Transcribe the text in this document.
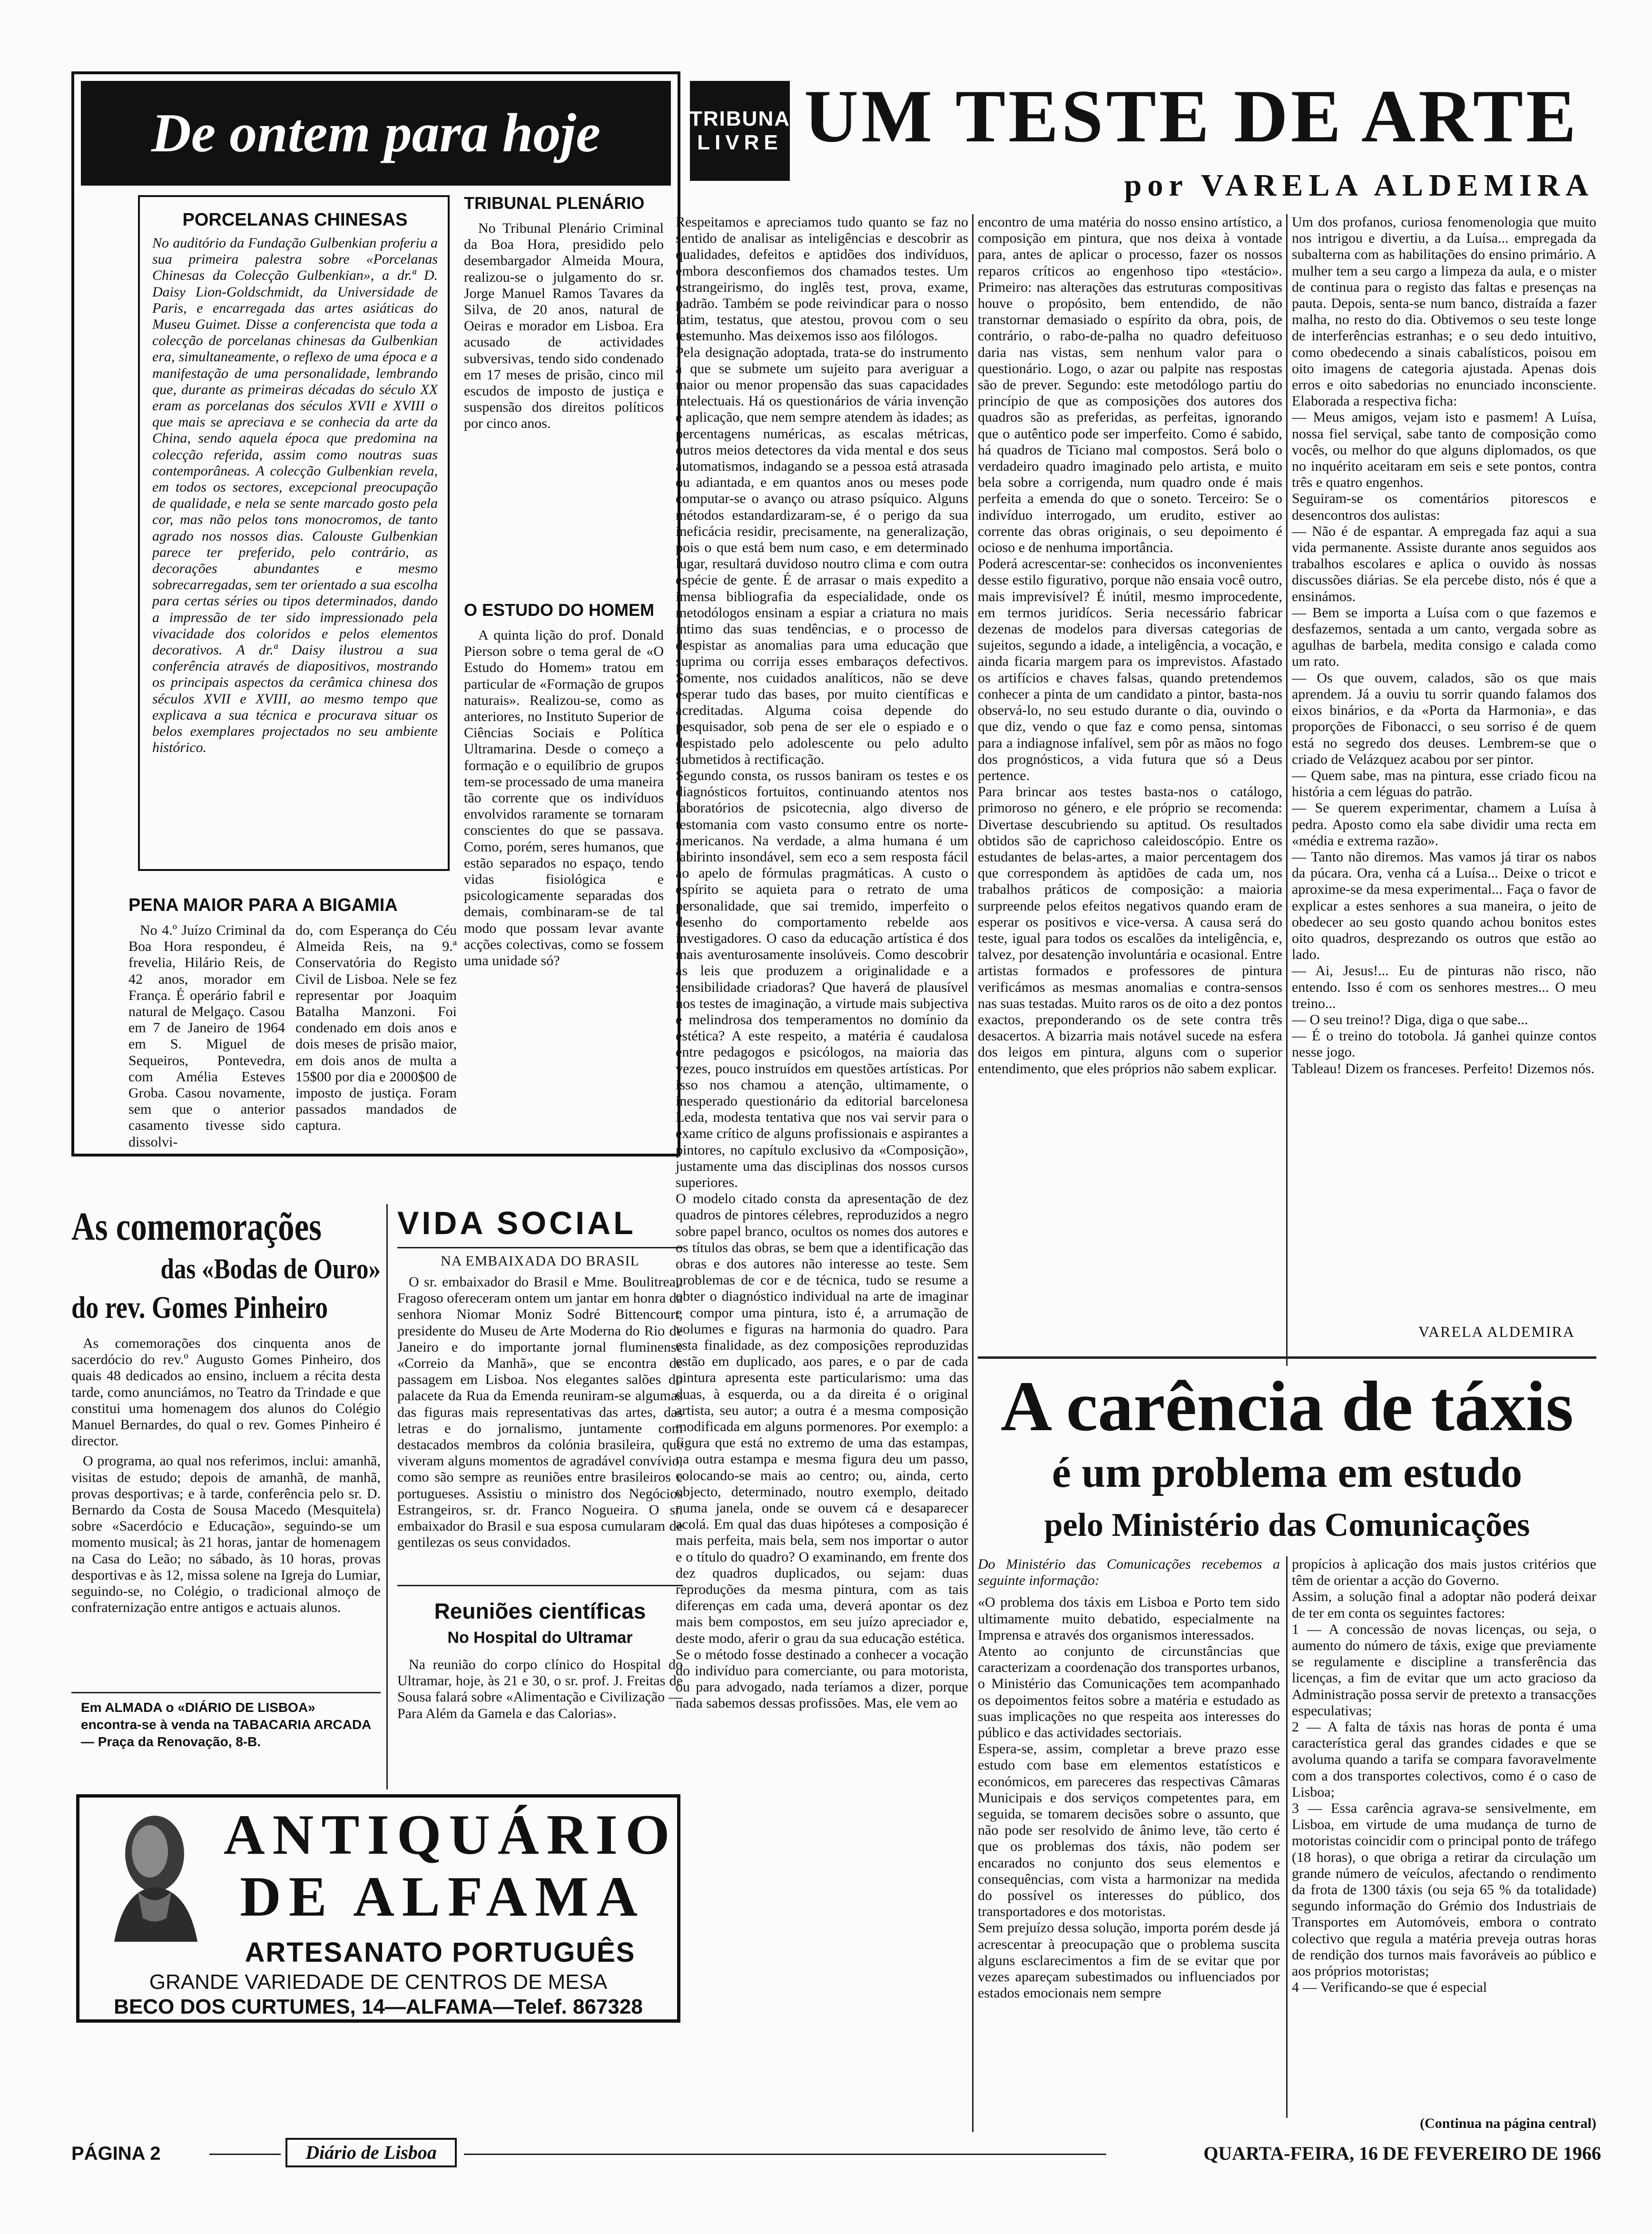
De ontem para hoje
PORCELANAS CHINESAS
No auditório da Fundação Gulbenkian proferiu a sua primeira palestra sobre «Porcelanas Chinesas da Colecção Gulbenkian», a dr.ª D. Daisy Lion-Goldschmidt, da Universidade de Paris, e encarregada das artes asiáticas do Museu Guimet. Disse a conferencista que toda a colecção de porcelanas chinesas da Gulbenkian era, simultaneamente, o reflexo de uma época e a manifestação de uma personalidade, lembrando que, durante as primeiras décadas do século XX eram as porcelanas dos séculos XVII e XVIII o que mais se apreciava e se conhecia da arte da China, sendo aquela época que predomina na colecção referida, assim como noutras suas contemporâneas. A colecção Gulbenkian revela, em todos os sectores, excepcional preocupação de qualidade, e nela se sente marcado gosto pela cor, mas não pelos tons monocromos, de tanto agrado nos nossos dias. Calouste Gulbenkian parece ter preferido, pelo contrário, as decorações abundantes e mesmo sobrecarregadas, sem ter orientado a sua escolha para certas séries ou tipos determinados, dando a impressão de ter sido impressionado pela vivacidade dos coloridos e pelos elementos decorativos. A dr.ª Daisy ilustrou a sua conferência através de diapositivos, mostrando os principais aspectos da cerâmica chinesa dos séculos XVII e XVIII, ao mesmo tempo que explicava a sua técnica e procurava situar os belos exemplares projectados no seu ambiente histórico.
TRIBUNAL PLENÁRIO
No Tribunal Plenário Criminal da Boa Hora, presidido pelo desembargador Almeida Moura, realizou-se o julgamento do sr. Jorge Manuel Ramos Tavares da Silva, de 20 anos, natural de Oeiras e morador em Lisboa. Era acusado de actividades subversivas, tendo sido condenado em 17 meses de prisão, cinco mil escudos de imposto de justiça e suspensão dos direitos políticos por cinco anos.
O ESTUDO DO HOMEM
A quinta lição do prof. Donald Pierson sobre o tema geral de «O Estudo do Homem» tratou em particular de «Formação de grupos naturais». Realizou-se, como as anteriores, no Instituto Superior de Ciências Sociais e Política Ultramarina. Desde o começo a formação e o equilíbrio de grupos tem-se processado de uma maneira tão corrente que os indivíduos envolvidos raramente se tornaram conscientes do que se passava. Como, porém, seres humanos, que estão separados no espaço, tendo vidas fisiológica e psicologicamente separadas dos demais, combinaram-se de tal modo que possam levar avante acções colectivas, como se fossem uma unidade só?
PENA MAIOR PARA A BIGAMIA
No 4.º Juízo Criminal da Boa Hora respondeu, é frevelia, Hilário Reis, de 42 anos, morador em França. É operário fabril e natural de Melgaço. Casou em 7 de Janeiro de 1964 em S. Miguel de Sequeiros, Pontevedra, com Amélia Esteves Groba. Casou novamente, sem que o anterior casamento tivesse sido dissolvi-
do, com Esperança do Céu Almeida Reis, na 9.ª Conservatória do Registo Civil de Lisboa. Nele se fez representar por Joaquim Batalha Manzoni. Foi condenado em dois anos e dois meses de prisão maior, em dois anos de multa a 15$00 por dia e 2000$00 de imposto de justiça. Foram passados mandados de captura.
As comemorações
das «Bodas de Ouro»
do rev. Gomes Pinheiro
As comemorações dos cinquenta anos de sacerdócio do rev.º Augusto Gomes Pinheiro, dos quais 48 dedicados ao ensino, incluem a récita desta tarde, como anunciámos, no Teatro da Trindade e que constitui uma homenagem dos alunos do Colégio Manuel Bernardes, do qual o rev. Gomes Pinheiro é director.
O programa, ao qual nos referimos, inclui: amanhã, visitas de estudo; depois de amanhã, de manhã, provas desportivas; e à tarde, conferência pelo sr. D. Bernardo da Costa de Sousa Macedo (Mesquitela) sobre «Sacerdócio e Educação», seguindo-se um momento musical; às 21 horas, jantar de homenagem na Casa do Leão; no sábado, às 10 horas, provas desportivas e às 12, missa solene na Igreja do Lumiar, seguindo-se, no Colégio, o tradicional almoço de confraternização entre antigos e actuais alunos.
Em ALMADA o «DIÁRIO DE LISBOA» encontra-se à venda na TABACARIA ARCADA — Praça da Renovação, 8-B.
VIDA SOCIAL
NA EMBAIXADA DO BRASIL
O sr. embaixador do Brasil e Mme. Boulitreau Fragoso ofereceram ontem um jantar em honra da senhora Niomar Moniz Sodré Bittencourt, presidente do Museu de Arte Moderna do Rio de Janeiro e do importante jornal fluminense «Correio da Manhã», que se encontra de passagem em Lisboa. Nos elegantes salões do palacete da Rua da Emenda reuniram-se algumas das figuras mais representativas das artes, das letras e do jornalismo, juntamente com destacados membros da colónia brasileira, que viveram alguns momentos de agradável convívio, como são sempre as reuniões entre brasileiros e portugueses. Assistiu o ministro dos Negócios Estrangeiros, sr. dr. Franco Nogueira. O sr. embaixador do Brasil e sua esposa cumularam de gentilezas os seus convidados.
Reuniões científicas
No Hospital do Ultramar
Na reunião do corpo clínico do Hospital do Ultramar, hoje, às 21 e 30, o sr. prof. J. Freitas de Sousa falará sobre «Alimentação e Civilização — Para Além da Gamela e das Calorias».
ANTIQUÁRIO
DE ALFAMA
ARTESANATO PORTUGUÊS
GRANDE VARIEDADE DE CENTROS DE MESA
BECO DOS CURTUMES, 14—ALFAMA—Telef. 867328
TRIBUNA
LIVRE UM TESTE DE ARTE
por VARELA ALDEMIRA
Respeitamos e apreciamos tudo quanto se faz no sentido de analisar as inteligências e descobrir as qualidades, defeitos e aptidões dos indivíduos, embora desconfiemos dos chamados testes. Um estrangeirismo, do inglês test, prova, exame, padrão. Também se pode reivindicar para o nosso latim, testatus, que atestou, provou com o seu testemunho. Mas deixemos isso aos filólogos.
Pela designação adoptada, trata-se do instrumento a que se submete um sujeito para averiguar a maior ou menor propensão das suas capacidades intelectuais. Há os questionários de vária invenção e aplicação, que nem sempre atendem às idades; as percentagens numéricas, as escalas métricas, outros meios detectores da vida mental e dos seus automatismos, indagando se a pessoa está atrasada ou adiantada, e em quantos anos ou meses pode computar-se o avanço ou atraso psíquico. Alguns métodos estandardizaram-se, é o perigo da sua ineficácia residir, precisamente, na generalização, pois o que está bem num caso, e em determinado lugar, resultará duvidoso noutro clima e com outra espécie de gente. É de arrasar o mais expedito a imensa bibliografia da especialidade, onde os metodólogos ensinam a espiar a criatura no mais íntimo das suas tendências, e o processo de despistar as anomalias para uma educação que suprima ou corrija esses embaraços defectivos. Somente, nos cuidados analíticos, não se deve esperar tudo das bases, por muito científicas e acreditadas. Alguma coisa depende do pesquisador, sob pena de ser ele o espiado e o despistado pelo adolescente ou pelo adulto submetidos à rectificação.
Segundo consta, os russos baniram os testes e os diagnósticos fortuitos, continuando atentos nos laboratórios de psicotecnia, algo diverso de testomania com vasto consumo entre os norte-americanos. Na verdade, a alma humana é um labirinto insondável, sem eco a sem resposta fácil ao apelo de fórmulas pragmáticas. A custo o espírito se aquieta para o retrato de uma personalidade, que sai tremido, imperfeito o desenho do comportamento rebelde aos investigadores. O caso da educação artística é dos mais aventurosamente insolúveis. Como descobrir as leis que produzem a originalidade e a sensibilidade criadoras? Que haverá de plausível nos testes de imaginação, a virtude mais subjectiva e melindrosa dos temperamentos no domínio da estética? A este respeito, a matéria é caudalosa entre pedagogos e psicólogos, na maioria das vezes, pouco instruídos em questões artísticas. Por isso nos chamou a atenção, ultimamente, o inesperado questionário da editorial barcelonesa Leda, modesta tentativa que nos vai servir para o exame crítico de alguns profissionais e aspirantes a pintores, no capítulo exclusivo da «Composição», justamente uma das disciplinas dos nossos cursos superiores.
O modelo citado consta da apresentação de dez quadros de pintores célebres, reproduzidos a negro sobre papel branco, ocultos os nomes dos autores e os títulos das obras, se bem que a identificação das obras e dos autores não interesse ao teste. Sem problemas de cor e de técnica, tudo se resume a obter o diagnóstico individual na arte de imaginar e compor uma pintura, isto é, a arrumação de volumes e figuras na harmonia do quadro. Para esta finalidade, as dez composições reproduzidas estão em duplicado, aos pares, e o par de cada pintura apresenta este particularismo: uma das duas, à esquerda, ou a da direita é o original artista, seu autor; a outra é a mesma composição modificada em alguns pormenores. Por exemplo: a figura que está no extremo de uma das estampas, na outra estampa e mesma figura deu um passo, colocando-se mais ao centro; ou, ainda, certo objecto, determinado, noutro exemplo, deitado numa janela, onde se ouvem cá e desaparecer acolá. Em qual das duas hipóteses a composição é mais perfeita, mais bela, sem nos importar o autor e o título do quadro? O examinando, em frente dos dez quadros duplicados, ou sejam: duas reproduções da mesma pintura, com as tais diferenças em cada uma, deverá apontar os dez mais bem compostos, em seu juízo apreciador e, deste modo, aferir o grau da sua educação estética.
Se o método fosse destinado a conhecer a vocação do indivíduo para comerciante, ou para motorista, ou para advogado, nada teríamos a dizer, porque nada sabemos dessas profissões. Mas, ele vem ao
encontro de uma matéria do nosso ensino artístico, a composição em pintura, que nos deixa à vontade para, antes de aplicar o processo, fazer os nossos reparos críticos ao engenhoso tipo «testácio». Primeiro: nas alterações das estruturas compositivas houve o propósito, bem entendido, de não transtornar demasiado o espírito da obra, pois, de contrário, o rabo-de-palha no quadro defeituoso daria nas vistas, sem nenhum valor para o questionário. Logo, o azar ou palpite nas respostas são de prever. Segundo: este metodólogo partiu do princípio de que as composições dos autores dos quadros são as preferidas, as perfeitas, ignorando que o autêntico pode ser imperfeito. Como é sabido, há quadros de Ticiano mal compostos. Será bolo o verdadeiro quadro imaginado pelo artista, e muito bela sobre a corrigenda, num quadro onde é mais perfeita a emenda do que o soneto. Terceiro: Se o indivíduo interrogado, um erudito, estiver ao corrente das obras originais, o seu depoimento é ocioso e de nenhuma importância.
Poderá acrescentar-se: conhecidos os inconvenientes desse estilo figurativo, porque não ensaia você outro, mais imprevisível? É inútil, mesmo improcedente, em termos juridícos. Seria necessário fabricar dezenas de modelos para diversas categorias de sujeitos, segundo a idade, a inteligência, a vocação, e ainda ficaria margem para os imprevistos. Afastado os artifícios e chaves falsas, quando pretendemos conhecer a pinta de um candidato a pintor, basta-nos observá-lo, no seu estudo durante o dia, ouvindo o que diz, vendo o que faz e como pensa, sintomas para a indiagnose infalível, sem pôr as mãos no fogo dos prognósticos, a vida futura que só a Deus pertence.
Para brincar aos testes basta-nos o catálogo, primoroso no género, e ele próprio se recomenda: Divertase descubriendo su aptitud. Os resultados obtidos são de caprichoso caleidoscópio. Entre os estudantes de belas-artes, a maior percentagem dos que correspondem às aptidões de cada um, nos trabalhos práticos de composição: a maioria surpreende pelos efeitos negativos quando eram de esperar os positivos e vice-versa. A causa será do teste, igual para todos os escalões da inteligência, e, talvez, por desatenção involuntária e ocasional. Entre artistas formados e professores de pintura verificámos as mesmas anomalias e contra-sensos nas suas testadas. Muito raros os de oito a dez pontos exactos, preponderando os de sete contra três desacertos. A bizarria mais notável sucede na esfera dos leigos em pintura, alguns com o superior entendimento, que eles próprios não sabem explicar.
Um dos profanos, curiosa fenomenologia que muito nos intrigou e divertiu, a da Luísa... empregada da subalterna com as habilitações do ensino primário. A mulher tem a seu cargo a limpeza da aula, e o mister de continua para o registo das faltas e presenças na pauta. Depois, senta-se num banco, distraída a fazer malha, no resto do dia. Obtivemos o seu teste longe de interferências estranhas; e o seu dedo intuitivo, como obedecendo a sinais cabalísticos, poisou em oito imagens de categoria ajustada. Apenas dois erros e oito sabedorias no enunciado inconsciente. Elaborada a respectiva ficha:
— Meus amigos, vejam isto e pasmem! A Luísa, nossa fiel serviçal, sabe tanto de composição como vocês, ou melhor do que alguns diplomados, os que no inquérito aceitaram em seis e sete pontos, contra três e quatro engenhos.
Seguiram-se os comentários pitorescos e desencontros dos aulistas:
— Não é de espantar. A empregada faz aqui a sua vida permanente. Assiste durante anos seguidos aos trabalhos escolares e aplica o ouvido às nossas discussões diárias. Se ela percebe disto, nós é que a ensinámos.
— Bem se importa a Luísa com o que fazemos e desfazemos, sentada a um canto, vergada sobre as agulhas de barbela, medita consigo e calada como um rato.
— Os que ouvem, calados, são os que mais aprendem. Já a ouviu tu sorrir quando falamos dos eixos binários, e da «Porta da Harmonia», e das proporções de Fibonacci, o seu sorriso é de quem está no segredo dos deuses. Lembrem-se que o criado de Velázquez acabou por ser pintor.
— Quem sabe, mas na pintura, esse criado ficou na história a cem léguas do patrão.
— Se querem experimentar, chamem a Luísa à pedra. Aposto como ela sabe dividir uma recta em «média e extrema razão».
— Tanto não diremos. Mas vamos já tirar os nabos da púcara. Ora, venha cá a Luísa... Deixe o tricot e aproxime-se da mesa experimental... Faça o favor de explicar a estes senhores a sua maneira, o jeito de obedecer ao seu gosto quando achou bonitos estes oito quadros, desprezando os outros que estão ao lado.
— Ai, Jesus!... Eu de pinturas não risco, não entendo. Isso é com os senhores mestres... O meu treino...
— O seu treino!? Diga, diga o que sabe...
— É o treino do totobola. Já ganhei quinze contos nesse jogo.
Tableau! Dizem os franceses. Perfeito! Dizemos nós.
VARELA ALDEMIRA
A carência de táxis
é um problema em estudo
pelo Ministério das Comunicações
Do Ministério das Comunicações recebemos a seguinte informação:
«O problema dos táxis em Lisboa e Porto tem sido ultimamente muito debatido, especialmente na Imprensa e através dos organismos interessados.
Atento ao conjunto de circunstâncias que caracterizam a coordenação dos transportes urbanos, o Ministério das Comunicações tem acompanhado os depoimentos feitos sobre a matéria e estudado as suas implicações no que respeita aos interesses do público e das actividades sectoriais.
Espera-se, assim, completar a breve prazo esse estudo com base em elementos estatísticos e económicos, em pareceres das respectivas Câmaras Municipais e dos serviços competentes para, em seguida, se tomarem decisões sobre o assunto, que não pode ser resolvido de ânimo leve, tão certo é que os problemas dos táxis, não podem ser encarados no conjunto dos seus elementos e consequências, com vista a harmonizar na medida do possível os interesses do público, dos transportadores e dos motoristas.
Sem prejuízo dessa solução, importa porém desde já acrescentar à preocupação que o problema suscita alguns esclarecimentos a fim de se evitar que por vezes apareçam subestimados ou influenciados por estados emocionais nem sempre
propícios à aplicação dos mais justos critérios que têm de orientar a acção do Governo.
Assim, a solução final a adoptar não poderá deixar de ter em conta os seguintes factores:
1 — A concessão de novas licenças, ou seja, o aumento do número de táxis, exige que previamente se regulamente e discipline a transferência das licenças, a fim de evitar que um acto gracioso da Administração possa servir de pretexto a transacções especulativas;
2 — A falta de táxis nas horas de ponta é uma característica geral das grandes cidades e que se avoluma quando a tarifa se compara favoravelmente com a dos transportes colectivos, como é o caso de Lisboa;
3 — Essa carência agrava-se sensivelmente, em Lisboa, em virtude de uma mudança de turno de motoristas coincidir com o principal ponto de tráfego (18 horas), o que obriga a retirar da circulação um grande número de veículos, afectando o rendimento da frota de 1300 táxis (ou seja 65 % da totalidade) segundo informação do Grémio dos Industriais de Transportes em Automóveis, embora o contrato colectivo que regula a matéria preveja outras horas de rendição dos turnos mais favoráveis ao público e aos próprios motoristas;
4 — Verificando-se que é especial
(Continua na página central)
PÁGINA 2	Diário de Lisboa	QUARTA-FEIRA, 16 DE FEVEREIRO DE 1966
